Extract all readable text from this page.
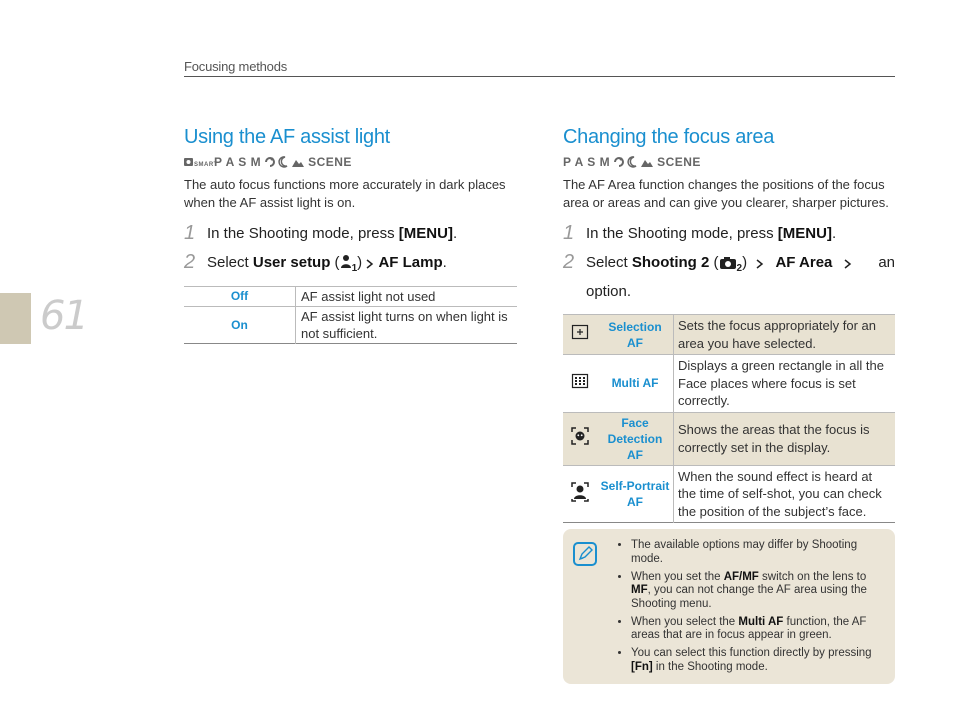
Focusing methods
61
Using the AF assist light
SMART
P A S M	SCENE
The auto focus functions more accurately in dark places when the AF assist light is on.
1 In the Shooting mode, press [MENU].
2 Select User setup ( $_1$) AF Lamp.
Off	AF assist light not used
On	AF assist light turns on when light is not sufficient.
Changing the focus area
P A S M	SCENE
The AF Area function changes the positions of the focus area or areas and can give you clearer, sharper pictures.
1 In the Shooting mode, press [MENU].
2 Select Shooting 2 ( $_2$) AF Area	an

option.
	Selection AF	Sets the focus appropriately for an area you have selected.
	Multi AF	Displays a green rectangle in all the Face places where focus is set correctly.
	Face Detection AF	Shows the areas that the focus is correctly set in the display.
	Self-Portrait AF	When the sound effect is heard at the time of self-shot, you can check the position of the subject’s face.
• The available options may differ by Shooting mode.
• When you set the AF/MF switch on the lens to MF, you can not change the AF area using the Shooting menu.
• When you select the Multi AF function, the AF areas that are in focus appear in green.
• You can select this function directly by pressing [Fn] in the Shooting mode.
